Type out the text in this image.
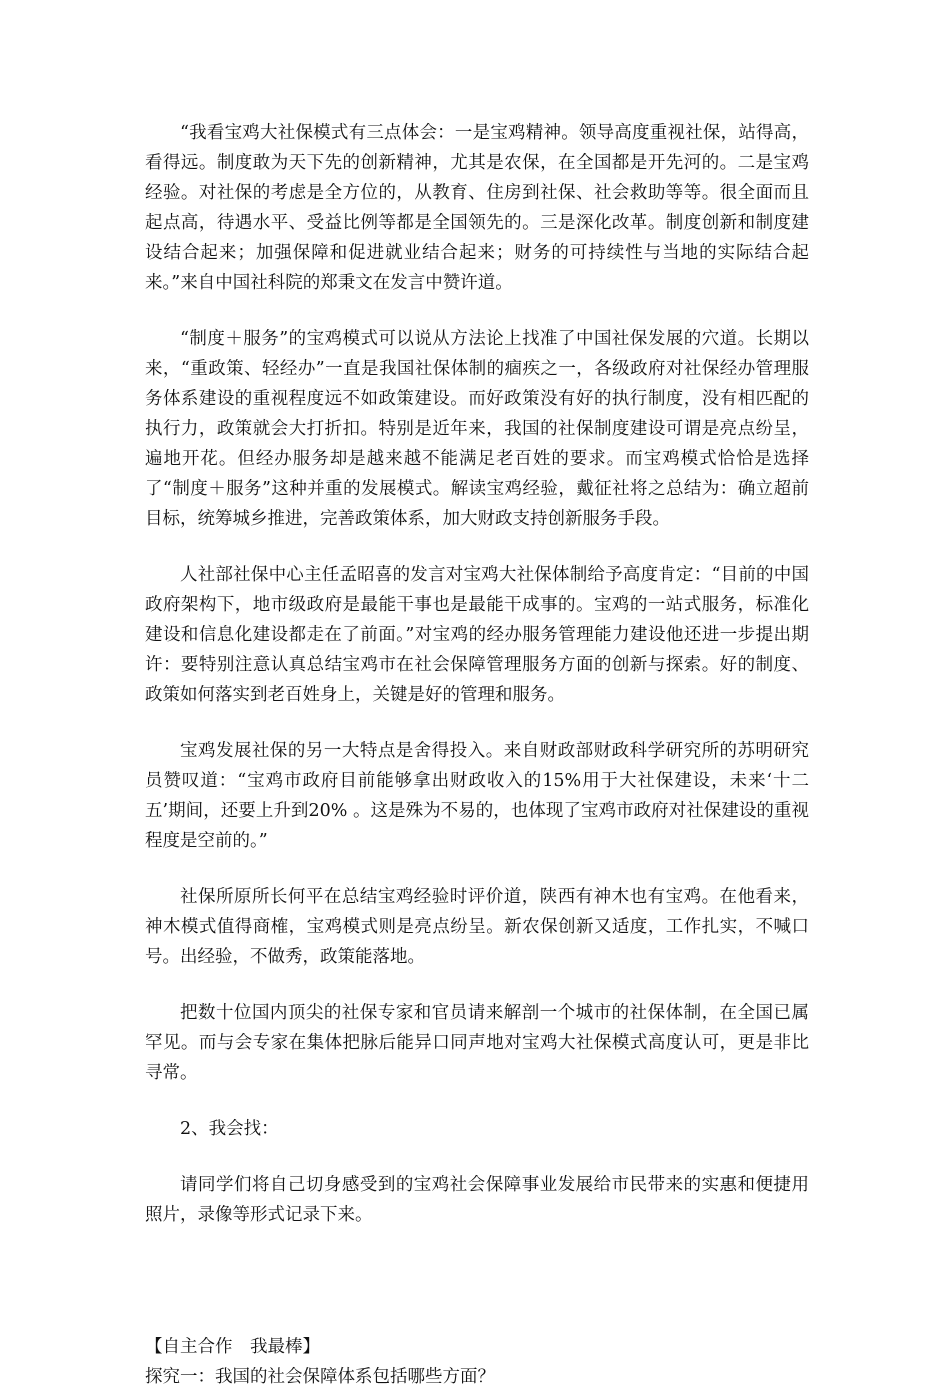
“我看宝鸡大社保模式有三点体会：一是宝鸡精神。领导高度重视社保，站得高，看得远。制度敢为天下先的创新精神，尤其是农保，在全国都是开先河的。二是宝鸡经验。对社保的考虑是全方位的，从教育、住房到社保、社会救助等等。很全面而且起点高，待遇水平、受益比例等都是全国领先的。三是深化改革。制度创新和制度建设结合起来；加强保障和促进就业结合起来；财务的可持续性与当地的实际结合起来。”来自中国社科院的郑秉文在发言中赞许道。

“制度＋服务”的宝鸡模式可以说从方法论上找准了中国社保发展的穴道。长期以来，“重政策、轻经办”一直是我国社保体制的痼疾之一，各级政府对社保经办管理服务体系建设的重视程度远不如政策建设。而好政策没有好的执行制度，没有相匹配的执行力，政策就会大打折扣。特别是近年来，我国的社保制度建设可谓是亮点纷呈，遍地开花。但经办服务却是越来越不能满足老百姓的要求。而宝鸡模式恰恰是选择了“制度＋服务”这种并重的发展模式。解读宝鸡经验，戴征社将之总结为：确立超前目标，统筹城乡推进，完善政策体系，加大财政支持创新服务手段。

人社部社保中心主任孟昭喜的发言对宝鸡大社保体制给予高度肯定：“目前的中国政府架构下，地市级政府是最能干事也是最能干成事的。宝鸡的一站式服务，标准化建设和信息化建设都走在了前面。”对宝鸡的经办服务管理能力建设他还进一步提出期许：要特别注意认真总结宝鸡市在社会保障管理服务方面的创新与探索。好的制度、政策如何落实到老百姓身上，关键是好的管理和服务。

宝鸡发展社保的另一大特点是舍得投入。来自财政部财政科学研究所的苏明研究员赞叹道：“宝鸡市政府目前能够拿出财政收入的15%用于大社保建设，未来‘十二五’期间，还要上升到20% 。这是殊为不易的，也体现了宝鸡市政府对社保建设的重视程度是空前的。”

社保所原所长何平在总结宝鸡经验时评价道，陕西有神木也有宝鸡。在他看来，神木模式值得商榷，宝鸡模式则是亮点纷呈。新农保创新又适度，工作扎实，不喊口号。出经验，不做秀，政策能落地。

把数十位国内顶尖的社保专家和官员请来解剖一个城市的社保体制，在全国已属罕见。而与会专家在集体把脉后能异口同声地对宝鸡大社保模式高度认可，更是非比寻常。

2、我会找：

请同学们将自己切身感受到的宝鸡社会保障事业发展给市民带来的实惠和便捷用照片，录像等形式记录下来。

【自主合作　我最棒】

探究一：我国的社会保障体系包括哪些方面？
